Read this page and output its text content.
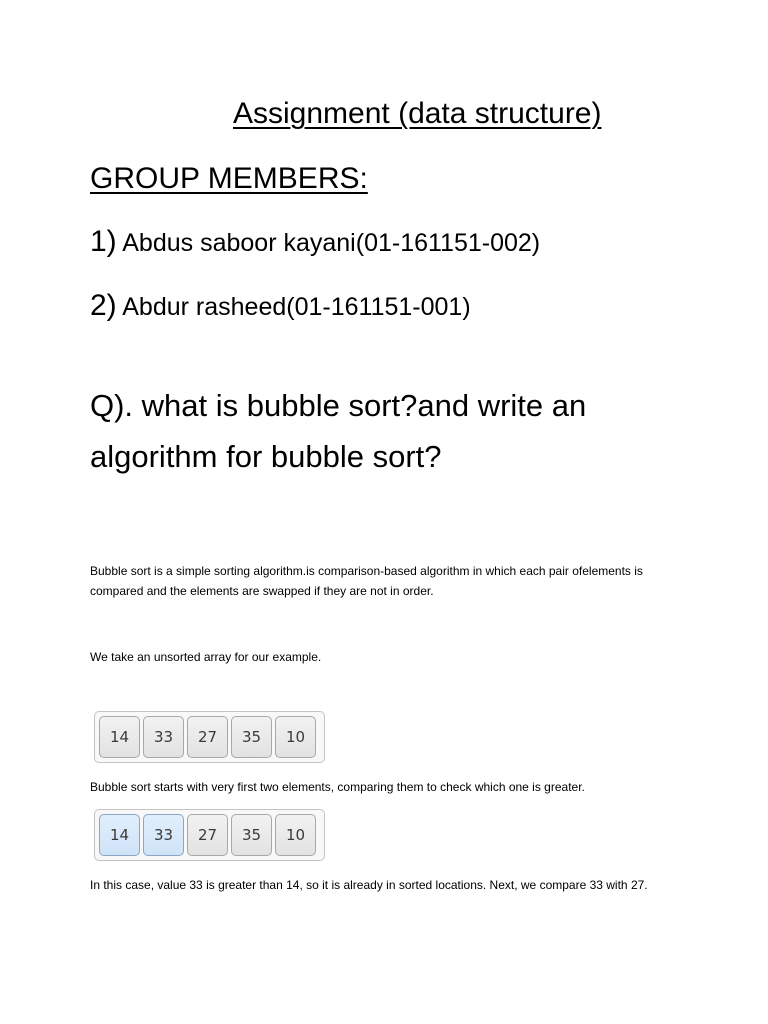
Assignment (data structure)
GROUP MEMBERS:
1) Abdus saboor kayani(01-161151-002)
2) Abdur rasheed(01-161151-001)
Q). what is bubble sort?and write an algorithm for bubble sort?
Bubble sort is a simple sorting algorithm.is comparison-based algorithm in which each pair ofelements is compared and the elements are swapped if they are not in order.
We take an unsorted array for our example.
14	33	27	35	10
Bubble sort starts with very first two elements, comparing them to check which one is greater.
14	33	27	35	10
In this case, value 33 is greater than 14, so it is already in sorted locations. Next, we compare 33 with 27.
